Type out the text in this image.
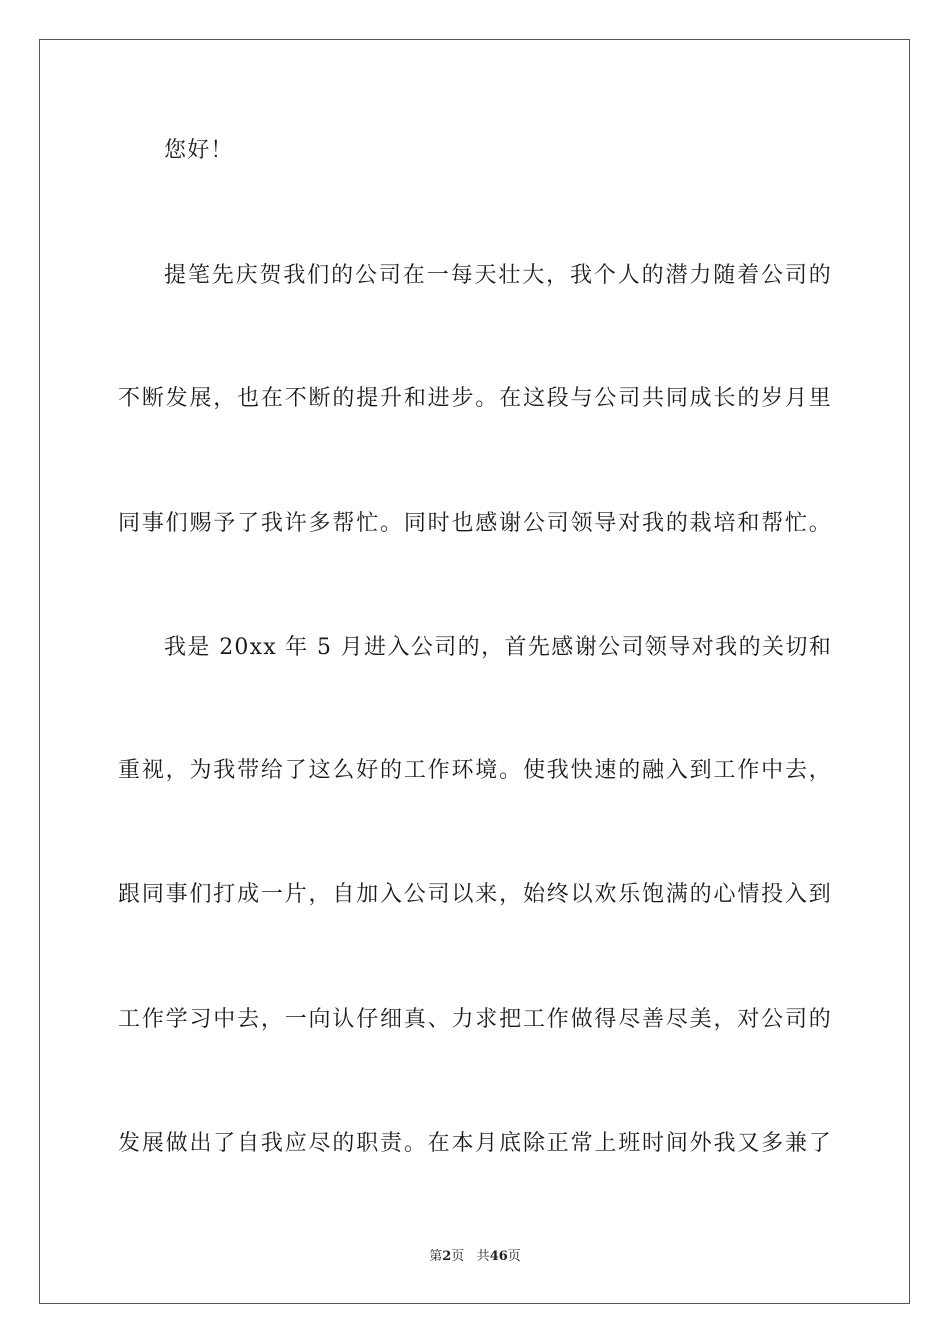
您好！
提笔先庆贺我们的公司在一每天壮大，我个人的潜力随着公司的
不断发展，也在不断的提升和进步。在这段与公司共同成长的岁月里
同事们赐予了我许多帮忙。同时也感谢公司领导对我的栽培和帮忙。
我是 20xx 年 5 月进入公司的，首先感谢公司领导对我的关切和
重视，为我带给了这么好的工作环境。使我快速的融入到工作中去，
跟同事们打成一片，自加入公司以来，始终以欢乐饱满的心情投入到
工作学习中去，一向认仔细真、力求把工作做得尽善尽美，对公司的
发展做出了自我应尽的职责。在本月底除正常上班时间外我又多兼了
第2页 共46页
